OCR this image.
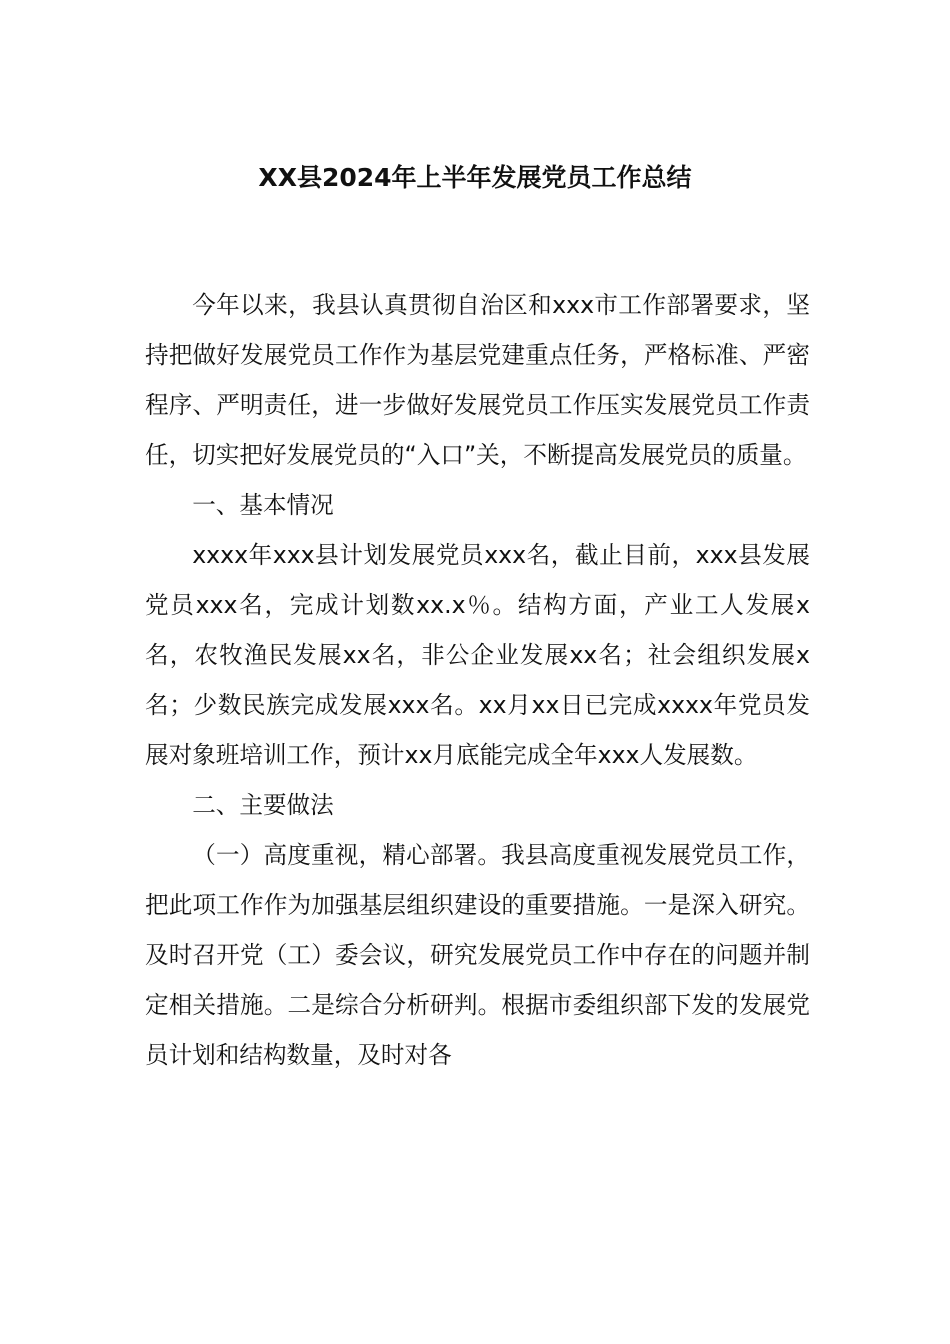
XX县2024年上半年发展党员工作总结

今年以来，我县认真贯彻自治区和xxx市工作部署要求，坚持把做好发展党员工作作为基层党建重点任务，严格标准、严密程序、严明责任，进一步做好发展党员工作压实发展党员工作责任，切实把好发展党员的“入口”关，不断提高发展党员的质量。

一、基本情况

xxxx年xxx县计划发展党员xxx名，截止目前，xxx县发展党员xxx名，完成计划数xx.x％。结构方面，产业工人发展x名，农牧渔民发展xx名，非公企业发展xx名；社会组织发展x名；少数民族完成发展xxx名。xx月xx日已完成xxxx年党员发展对象班培训工作，预计xx月底能完成全年xxx人发展数。

二、主要做法

（一）高度重视，精心部署。我县高度重视发展党员工作，把此项工作作为加强基层组织建设的重要措施。一是深入研究。及时召开党（工）委会议，研究发展党员工作中存在的问题并制定相关措施。二是综合分析研判。根据市委组织部下发的发展党员计划和结构数量，及时对各
